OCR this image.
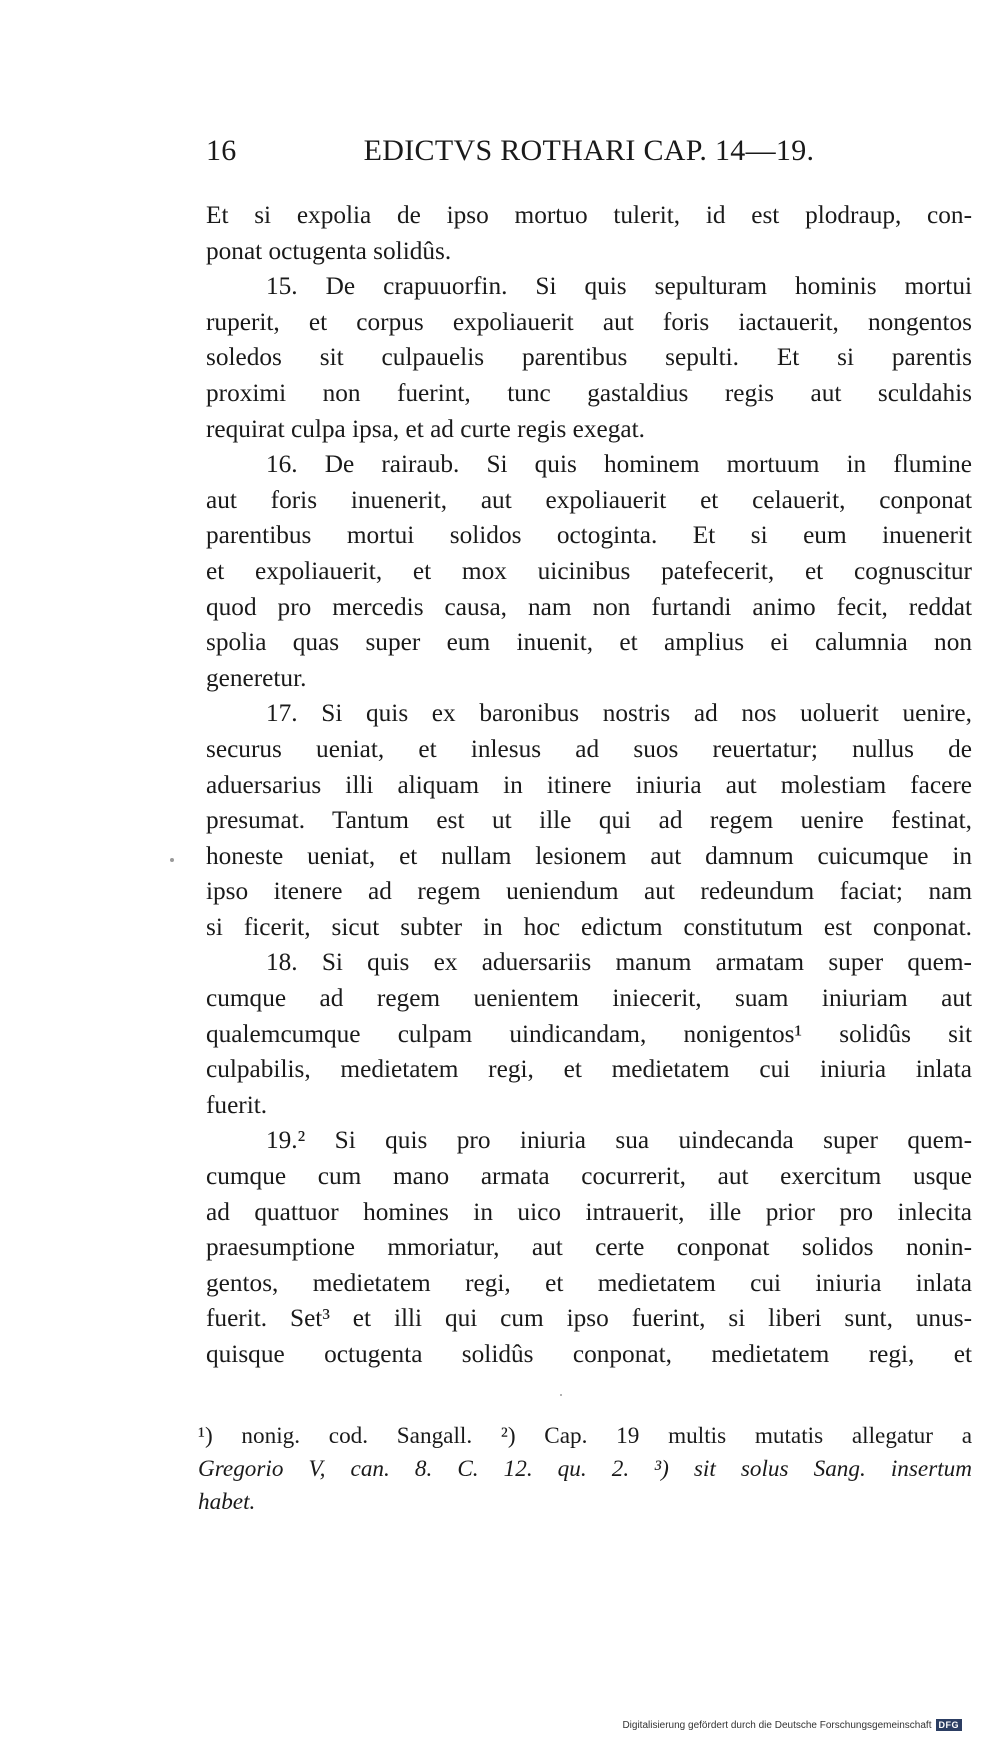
16	EDICTVS ROTHARI CAP. 14—19.
Et si expolia de ipso mortuo tulerit, id est plodraup, con-
ponat octugenta solidûs.
15. De crapuuorfin. Si quis sepulturam hominis mortui
ruperit, et corpus expoliauerit aut foris iactauerit, nongentos
soledos sit culpauelis parentibus sepulti. Et si parentis
proximi non fuerint, tunc gastaldius regis aut sculdahis
requirat culpa ipsa, et ad curte regis exegat.
16. De rairaub. Si quis hominem mortuum in flumine
aut foris inuenerit, aut expoliauerit et celauerit, conponat
parentibus mortui solidos octoginta. Et si eum inuenerit
et expoliauerit, et mox uicinibus patefecerit, et cognuscitur
quod pro mercedis causa, nam non furtandi animo fecit, reddat
spolia quas super eum inuenit, et amplius ei calumnia non
generetur.
17. Si quis ex baronibus nostris ad nos uoluerit uenire,
securus ueniat, et inlesus ad suos reuertatur; nullus de
aduersarius illi aliquam in itinere iniuria aut molestiam facere
presumat. Tantum est ut ille qui ad regem uenire festinat,
honeste ueniat, et nullam lesionem aut damnum cuicumque in
ipso itenere ad regem ueniendum aut redeundum faciat; nam
si ficerit, sicut subter in hoc edictum constitutum est conponat.
18. Si quis ex aduersariis manum armatam super quem-
cumque ad regem uenientem iniecerit, suam iniuriam aut
qualemcumque culpam uindicandam, nonigentos¹ solidûs sit
culpabilis, medietatem regi, et medietatem cui iniuria inlata
fuerit.
19.² Si quis pro iniuria sua uindecanda super quem-
cumque cum mano armata cocurrerit, aut exercitum usque
ad quattuor homines in uico intrauerit, ille prior pro inlecita
praesumptione mmoriatur, aut certe conponat solidos nonin-
gentos, medietatem regi, et medietatem cui iniuria inlata
fuerit. Set³ et illi qui cum ipso fuerint, si liberi sunt, unus-
quisque octugenta solidûs conponat, medietatem regi, et
¹) nonig. cod. Sangall. ²) Cap. 19 multis mutatis allegatur a
Gregorio V, can. 8. C. 12. qu. 2. ³) sit solus Sang. insertum
habet.
Digitalisierung gefördert durch die Deutsche Forschungsgemeinschaft DFG
